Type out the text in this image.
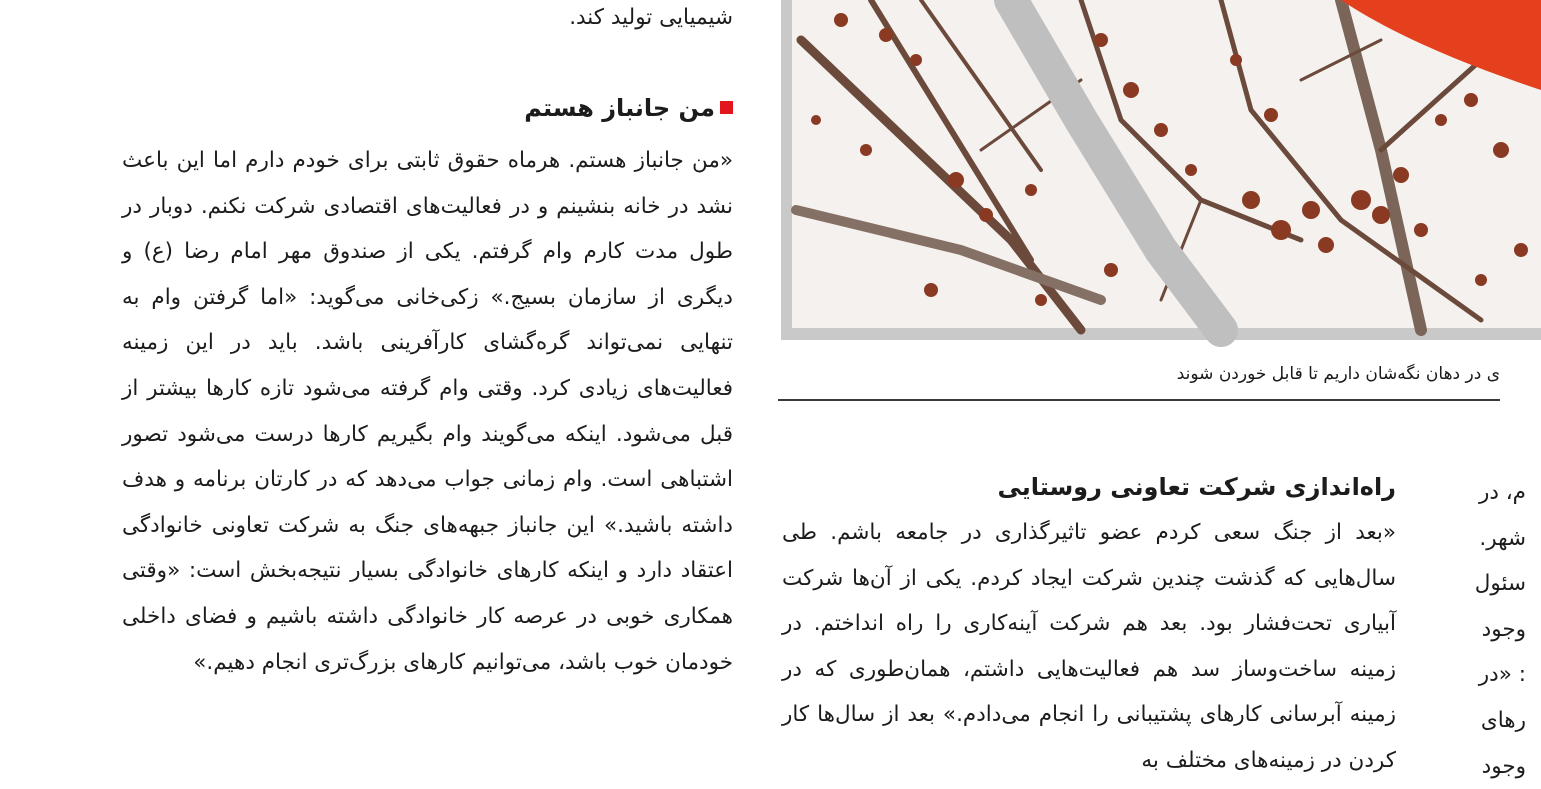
شیمیایی تولید کند.
من جانباز هستم

«من جانباز هستم. هرماه حقوق ثابتی برای خودم دارم اما این باعث نشد در خانه بنشینم و در فعالیت‌های اقتصادی شرکت نکنم. دوبار در طول مدت کارم وام گرفتم. یکی از صندوق مهر امام رضا (ع) و دیگری از سازمان بسیج.» زکی‌خانی می‌گوید: «اما گرفتن وام به تنهایی نمی‌تواند گره‌گشای کارآفرینی باشد. باید در این زمینه فعالیت‌های زیادی کرد. وقتی وام گرفته می‌شود تازه کارها بیشتر از قبل می‌شود. اینکه می‌گویند وام بگیریم کارها درست می‌شود تصور اشتباهی است. وام زمانی جواب می‌دهد که در کارتان برنامه و هدف داشته باشید.» این جانباز جبهه‌های جنگ به شرکت تعاونی خانوادگی اعتقاد دارد و اینکه کارهای خانوادگی بسیار نتیجه‌بخش است: «وقتی همکاری خوبی در عرصه کار خانوادگی داشته باشیم و فضای داخلی خودمان خوب باشد، می‌توانیم کارهای بزرگ‌تری انجام دهیم.»

ی در دهان نگه‌شان داریم تا قابل خوردن شوند
راه‌اندازی شرکت تعاونی روستایی

«بعد از جنگ سعی کردم عضو تاثیرگذاری در جامعه باشم. طی سال‌هایی که گذشت چندین شرکت ایجاد کردم. یکی از آن‌ها شرکت آبیاری تحت‌فشار بود. بعد هم شرکت آینه‌کاری را راه انداختم. در زمینه ساخت‌وساز سد هم فعالیت‌هایی داشتم، همان‌طوری که در زمینه آبرسانی کارهای پشتیبانی را انجام می‌دادم.» بعد از سال‌ها کار کردن در زمینه‌های مختلف به

م، در
شهر.
سئول
وجود
: «در
رهای
وجود
